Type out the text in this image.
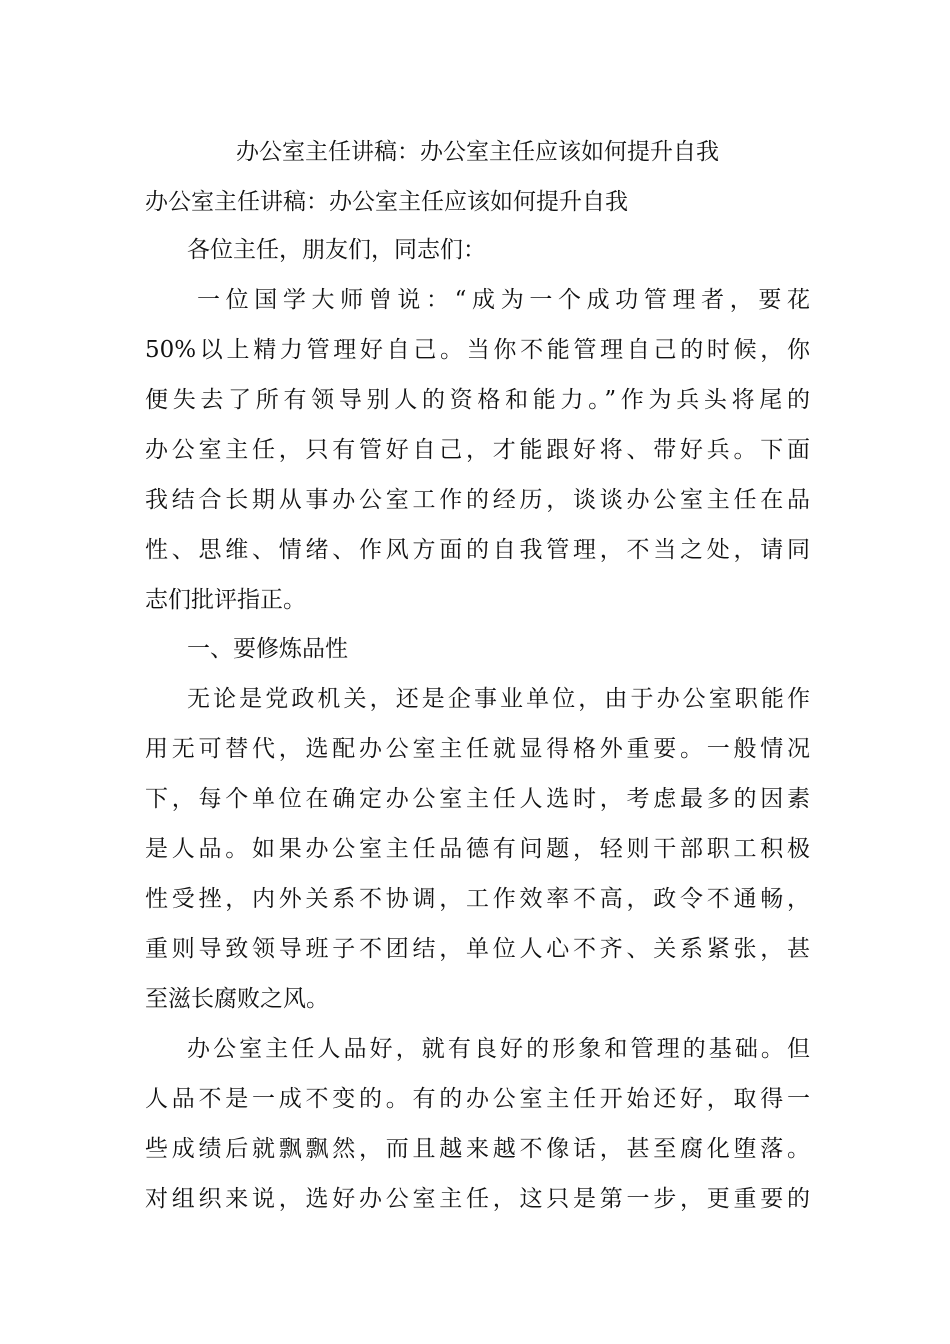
办公室主任讲稿：办公室主任应该如何提升自我
办公室主任讲稿：办公室主任应该如何提升自我
各位主任，朋友们，同志们：
一位国学大师曾说：“成为一个成功管理者，要花
50%以上精力管理好自己。当你不能管理自己的时候，你
便失去了所有领导别人的资格和能力。”作为兵头将尾的
办公室主任，只有管好自己，才能跟好将、带好兵。下面
我结合长期从事办公室工作的经历，谈谈办公室主任在品
性、思维、情绪、作风方面的自我管理，不当之处，请同
志们批评指正。
一、要修炼品性
无论是党政机关，还是企事业单位，由于办公室职能作
用无可替代，选配办公室主任就显得格外重要。一般情况
下，每个单位在确定办公室主任人选时，考虑最多的因素
是人品。如果办公室主任品德有问题，轻则干部职工积极
性受挫，内外关系不协调，工作效率不高，政令不通畅，
重则导致领导班子不团结，单位人心不齐、关系紧张，甚
至滋长腐败之风。
办公室主任人品好，就有良好的形象和管理的基础。但
人品不是一成不变的。有的办公室主任开始还好，取得一
些成绩后就飘飘然，而且越来越不像话，甚至腐化堕落。
对组织来说，选好办公室主任，这只是第一步，更重要的
